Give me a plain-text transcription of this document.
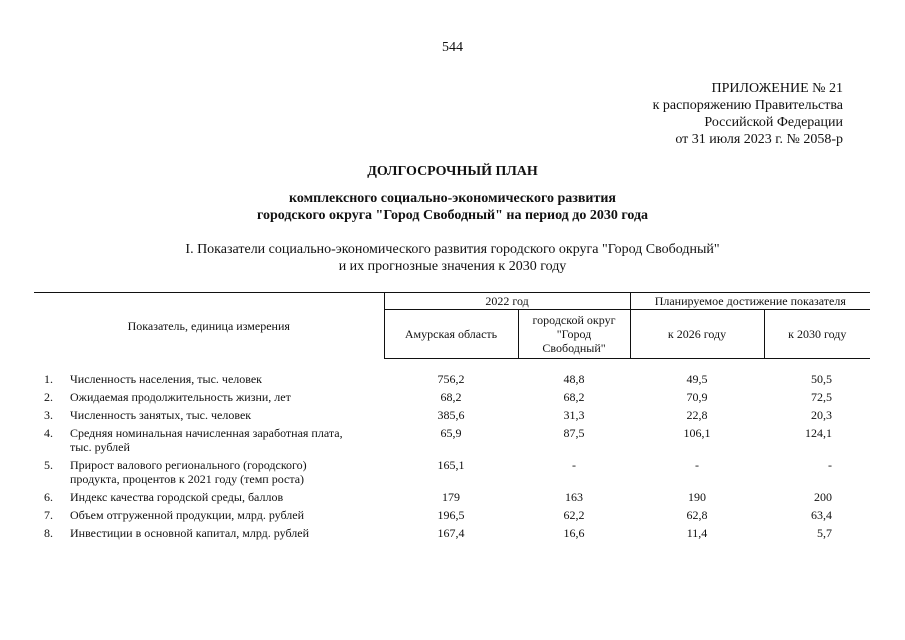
544
ПРИЛОЖЕНИЕ № 21
к распоряжению Правительства
Российской Федерации
от 31 июля 2023 г. № 2058-р
ДОЛГОСРОЧНЫЙ ПЛАН
комплексного социально-экономического развития
городского округа "Город Свободный" на период до 2030 года
I. Показатели социально-экономического развития городского округа "Город Свободный"
и их прогнозные значения к 2030 году
Показатель, единица измерения		2022 год		Планируемое достижение показателя	
		Амурская область	городской округ
"Город
Свободный"	к 2026 году	к 2030 году

1.	Численность населения, тыс. человек	756,2	48,8	49,5	50,5
2.	Ожидаемая продолжительность жизни, лет	68,2	68,2	70,9	72,5
3.	Численность занятых, тыс. человек	385,6	31,3	22,8	20,3
4.	Средняя номинальная начисленная заработная плата,
тыс. рублей	65,9	87,5	106,1	124,1
5.	Прирост валового регионального (городского)
продукта, процентов к 2021 году (темп роста)	165,1	-	-	-
6.	Индекс качества городской среды, баллов	179	163	190	200
7.	Объем отгруженной продукции, млрд. рублей	196,5	62,2	62,8	63,4
8.	Инвестиции в основной капитал, млрд. рублей	167,4	16,6	11,4	5,7
